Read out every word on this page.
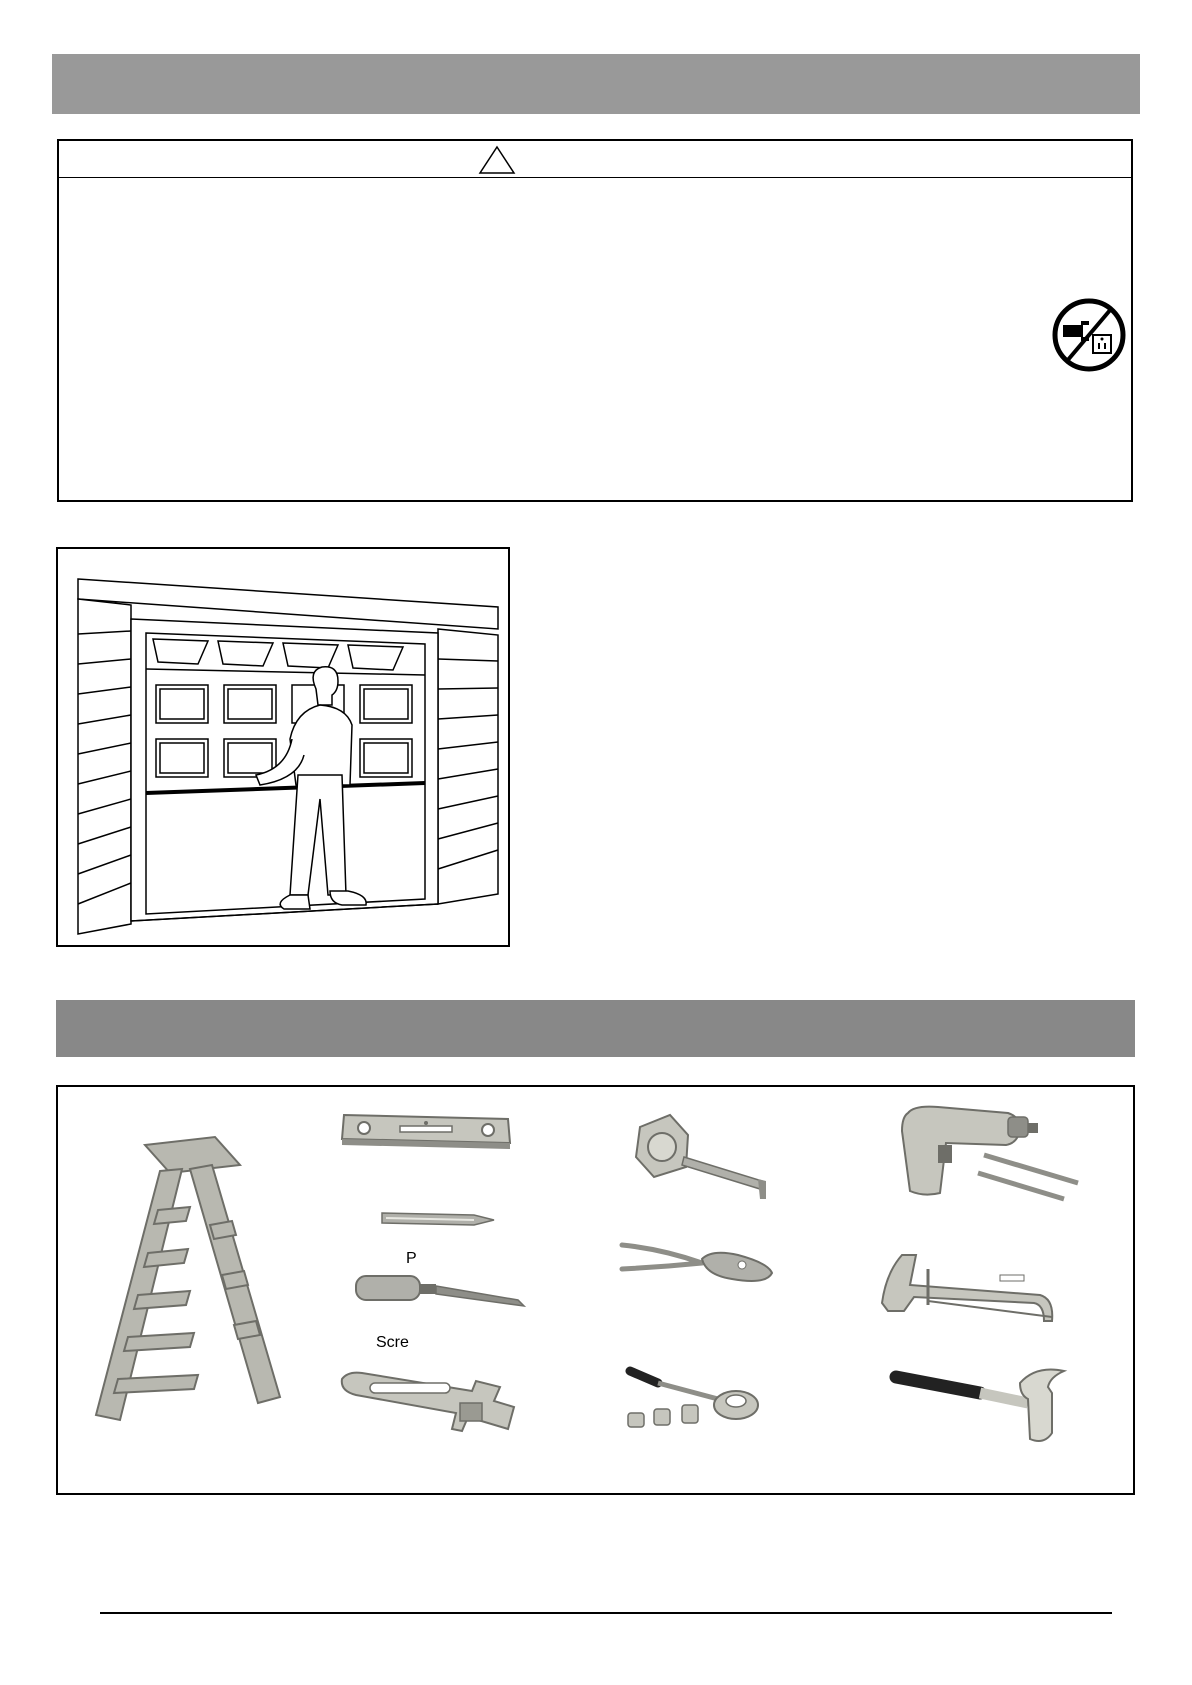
P
Scre
